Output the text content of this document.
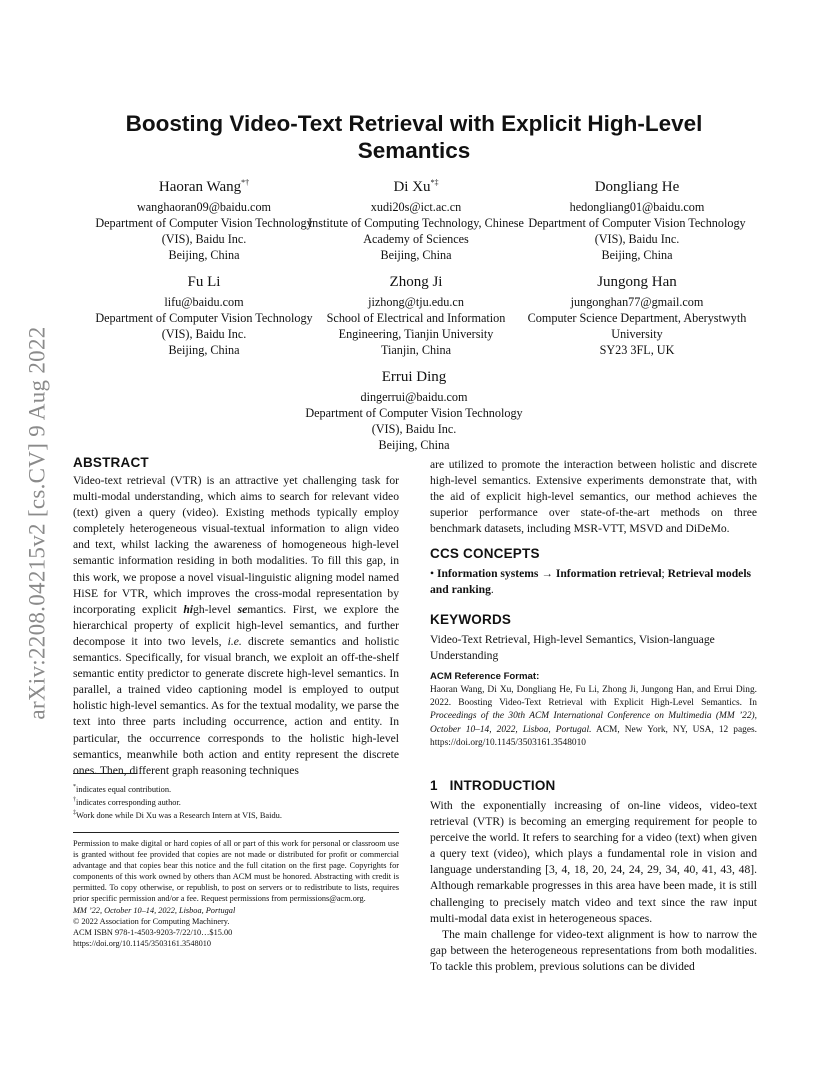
arXiv:2208.04215v2 [cs.CV] 9 Aug 2022
Boosting Video-Text Retrieval with Explicit High-Level Semantics
Haoran Wang*†
wanghaoran09@baidu.com
Department of Computer Vision Technology (VIS), Baidu Inc.
Beijing, China
Di Xu*‡
xudi20s@ict.ac.cn
Institute of Computing Technology, Chinese Academy of Sciences
Beijing, China
Dongliang He
hedongliang01@baidu.com
Department of Computer Vision Technology (VIS), Baidu Inc.
Beijing, China
Fu Li
lifu@baidu.com
Department of Computer Vision Technology (VIS), Baidu Inc.
Beijing, China
Zhong Ji
jizhong@tju.edu.cn
School of Electrical and Information Engineering, Tianjin University
Tianjin, China
Jungong Han
jungonghan77@gmail.com
Computer Science Department, Aberystwyth University
SY23 3FL, UK
Errui Ding
dingerrui@baidu.com
Department of Computer Vision Technology (VIS), Baidu Inc.
Beijing, China
ABSTRACT

Video-text retrieval (VTR) is an attractive yet challenging task for multi-modal understanding, which aims to search for relevant video (text) given a query (video). Existing methods typically employ completely heterogeneous visual-textual information to align video and text, whilst lacking the awareness of homogeneous high-level semantic information residing in both modalities. To fill this gap, in this work, we propose a novel visual-linguistic aligning model named HiSE for VTR, which improves the cross-modal representation by incorporating explicit high-level semantics. First, we explore the hierarchical property of explicit high-level semantics, and further decompose it into two levels, i.e. discrete semantics and holistic semantics. Specifically, for visual branch, we exploit an off-the-shelf semantic entity predictor to generate discrete high-level semantics. In parallel, a trained video captioning model is employed to output holistic high-level semantics. As for the textual modality, we parse the text into three parts including occurrence, action and entity. In particular, the occurrence corresponds to the holistic high-level semantics, meanwhile both action and entity represent the discrete ones. Then, different graph reasoning techniques

*indicates equal contribution.
†indicates corresponding author.
‡Work done while Di Xu was a Research Intern at VIS, Baidu.
Permission to make digital or hard copies of all or part of this work for personal or classroom use is granted without fee provided that copies are not made or distributed for profit or commercial advantage and that copies bear this notice and the full citation on the first page. Copyrights for components of this work owned by others than ACM must be honored. Abstracting with credit is permitted. To copy otherwise, or republish, to post on servers or to redistribute to lists, requires prior specific permission and/or a fee. Request permissions from permissions@acm.org.
MM ’22, October 10–14, 2022, Lisboa, Portugal
© 2022 Association for Computing Machinery.
ACM ISBN 978-1-4503-9203-7/22/10…$15.00
https://doi.org/10.1145/3503161.3548010
are utilized to promote the interaction between holistic and discrete high-level semantics. Extensive experiments demonstrate that, with the aid of explicit high-level semantics, our method achieves the superior performance over state-of-the-art methods on three benchmark datasets, including MSR-VTT, MSVD and DiDeMo.
CCS CONCEPTS
• Information systems → Information retrieval; Retrieval models and ranking.
KEYWORDS
Video-Text Retrieval, High-level Semantics, Vision-language Understanding
ACM Reference Format:
Haoran Wang, Di Xu, Dongliang He, Fu Li, Zhong Ji, Jungong Han, and Errui Ding. 2022. Boosting Video-Text Retrieval with Explicit High-Level Semantics. In Proceedings of the 30th ACM International Conference on Multimedia (MM ’22), October 10–14, 2022, Lisboa, Portugal. ACM, New York, NY, USA, 12 pages. https://doi.org/10.1145/3503161.3548010
1 INTRODUCTION

With the exponentially increasing of on-line videos, video-text retrieval (VTR) is becoming an emerging requirement for people to perceive the world. It refers to searching for a video (text) when given a query text (video), which plays a fundamental role in vision and language understanding [3, 4, 18, 20, 24, 24, 29, 34, 40, 41, 43, 48]. Although remarkable progresses in this area have been made, it is still challenging to precisely match video and text since the raw input multi-modal data exist in heterogeneous spaces.

The main challenge for video-text alignment is how to narrow the gap between the heterogeneous representations from both modalities. To tackle this problem, previous solutions can be divided
